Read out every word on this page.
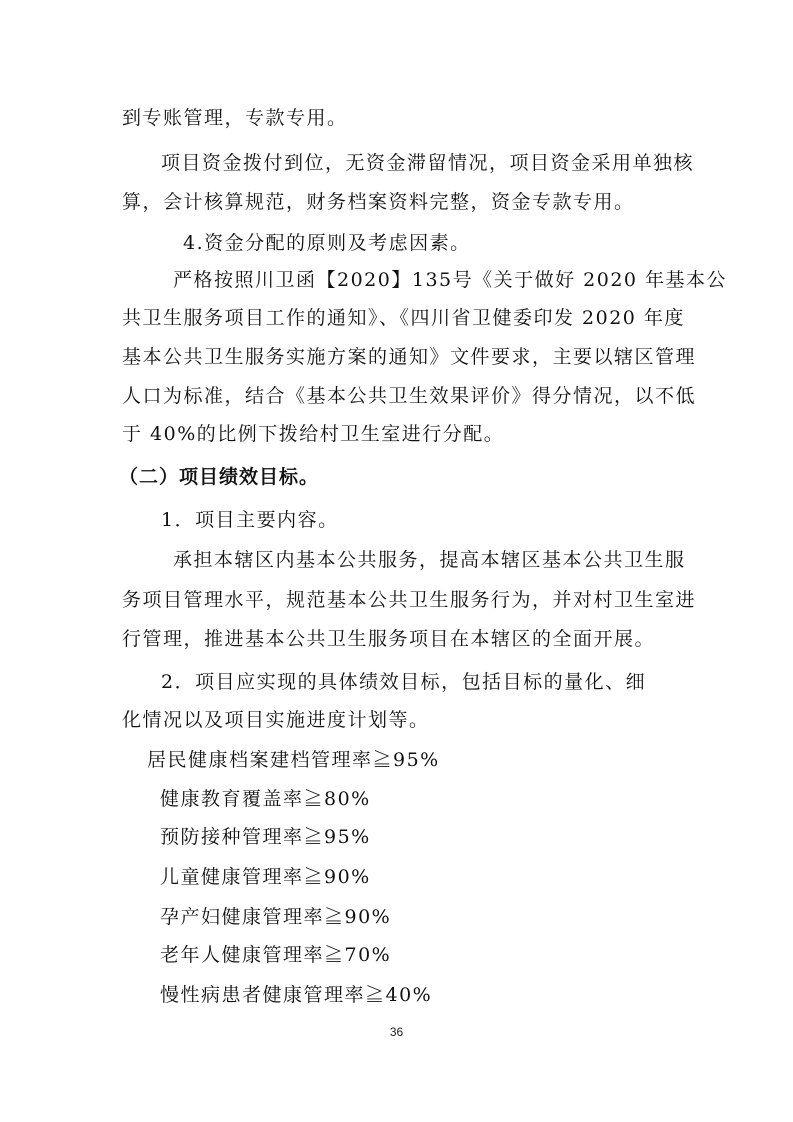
到专账管理，专款专用。
项目资金拨付到位，无资金滞留情况，项目资金采用单独核
算，会计核算规范，财务档案资料完整，资金专款专用。
4.资金分配的原则及考虑因素。
严格按照川卫函【2020】135号《关于做好 2020 年基本公
共卫生服务项目工作的通知》、《四川省卫健委印发 2020 年度
基本公共卫生服务实施方案的通知》文件要求，主要以辖区管理
人口为标准，结合《基本公共卫生效果评价》得分情况，以不低
于 40%的比例下拨给村卫生室进行分配。
（二）项目绩效目标。
1．项目主要内容。
承担本辖区内基本公共服务，提高本辖区基本公共卫生服
务项目管理水平，规范基本公共卫生服务行为，并对村卫生室进
行管理，推进基本公共卫生服务项目在本辖区的全面开展。
2．项目应实现的具体绩效目标，包括目标的量化、细
化情况以及项目实施进度计划等。
居民健康档案建档管理率≧95%
健康教育覆盖率≧80%
预防接种管理率≧95%
儿童健康管理率≧90%
孕产妇健康管理率≧90%
老年人健康管理率≧70%
慢性病患者健康管理率≧40%
36
